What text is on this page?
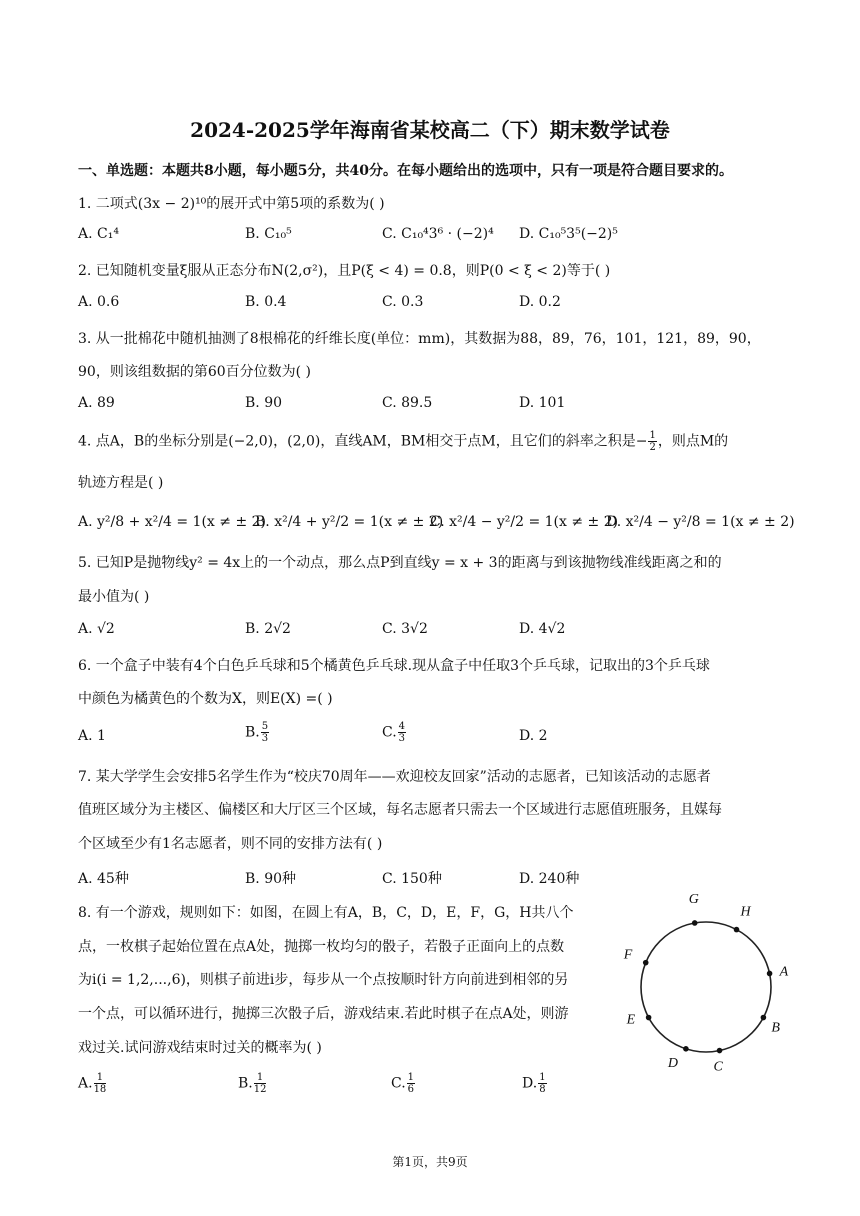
2024-2025学年海南省某校高二（下）期末数学试卷
一、单选题：本题共8小题，每小题5分，共40分。在每小题给出的选项中，只有一项是符合题目要求的。
1. 二项式(3x − 2)¹⁰的展开式中第5项的系数为( )
A. C₁⁴	B. C₁₀⁵	C. C₁₀⁴3⁶ · (−2)⁴ D. C₁₀⁵3⁵(−2)⁵
2. 已知随机变量ξ服从正态分布N(2,σ²)，且P(ξ < 4) = 0.8，则P(0 < ξ < 2)等于( )
A. 0.6	B. 0.4	C. 0.3	D. 0.2
3. 从一批棉花中随机抽测了8根棉花的纤维长度(单位：mm)，其数据为88，89，76，101，121，89，90，
90，则该组数据的第60百分位数为( )
A. 89	B. 90	C. 89.5	D. 101
4. 点A，B的坐标分别是(−2,0)，(2,0)，直线AM，BM相交于点M，且它们的斜率之积是− $\frac{1}{2}$ ，则点M的
轨迹方程是( )
A. y²/8 + x²/4 = 1(x ≠ ± 2)
B. x²/4 + y²/2 = 1(x ≠ ± 2)
C. x²/4 − y²/2 = 1(x ≠ ± 2)
D. x²/4 − y²/8 = 1(x ≠ ± 2)
5. 已知P是抛物线y² = 4x上的一个动点，那么点P到直线y = x + 3的距离与到该抛物线准线距离之和的
最小值为( )
A. √2	B. 2√2	C. 3√2	D. 4√2
6. 一个盒子中装有4个白色乒乓球和5个橘黄色乒乓球.现从盒子中任取3个乒乓球，记取出的3个乒乓球
中颜色为橘黄色的个数为X，则E(X) =( )
A. 1	B. $\frac{5}{3}$	C. $\frac{4}{3}$	D. 2
7. 某大学学生会安排5名学生作为“校庆70周年——欢迎校友回家”活动的志愿者，已知该活动的志愿者
值班区域分为主楼区、偏楼区和大厅区三个区域，每名志愿者只需去一个区域进行志愿值班服务，且媒每
个区域至少有1名志愿者，则不同的安排方法有( )
A. 45种	B. 90种	C. 150种	D. 240种
8. 有一个游戏，规则如下：如图，在圆上有A，B，C，D，E，F，G，H共八个
点，一枚棋子起始位置在点A处，抛掷一枚均匀的骰子，若骰子正面向上的点数
为i(i = 1,2,...,6)，则棋子前进i步，每步从一个点按顺时针方向前进到相邻的另
一个点，可以循环进行，抛掷三次骰子后，游戏结束.若此时棋子在点A处，则游
戏过关.试问游戏结束时过关的概率为( )
A. $\frac{1}{18}$	B. $\frac{1}{12}$	C. $\frac{1}{6}$	D. $\frac{1}{8}$
G
H
F
A
E
B
D	C
第1页，共9页
